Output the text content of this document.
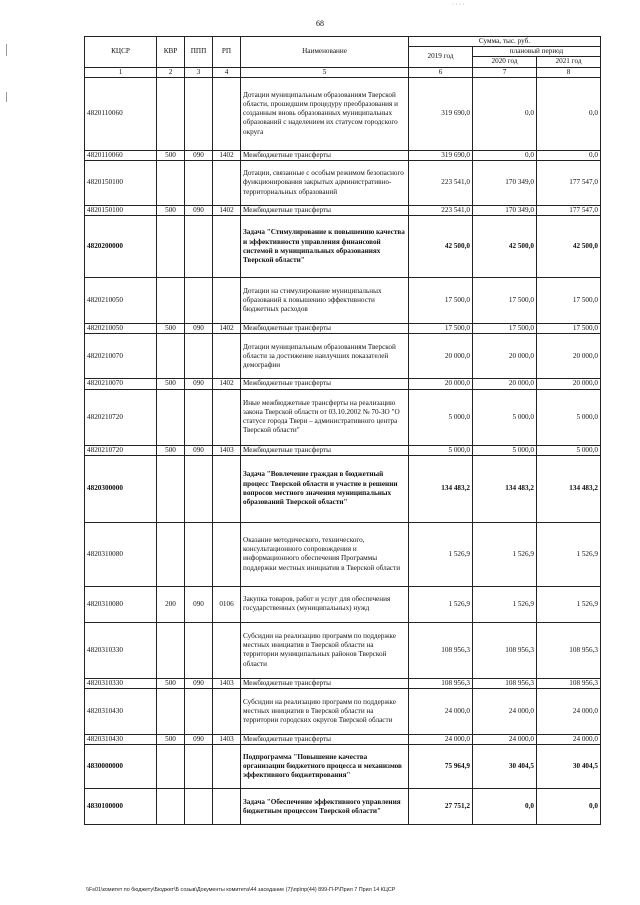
68
· · · ·
КЦСР	КВР	ППП	РП	Наименование	Сумма, тыс. руб.		
					2019 год	плановый период	
						2020 год	2021 год
1	2	3	4	5	6	7	8
4820110060				Дотации муниципальным образованиям Тверской области, прошедшим процедуру преобразования и созданным вновь образованных муниципальных образований с наделением их статусом городского округа	319 690,0	0,0	0,0
4820110060	500	090	1402	Межбюджетные трансферты	319 690,0	0,0	0,0
4820150100				Дотации, связанные с особым режимом безопасного функционирования закрытых административно-территориальных образований	223 541,0	170 349,0	177 547,0
4820150100	500	090	1402	Межбюджетные трансферты	223 541,0	170 349,0	177 547,0
4820200000				Задача "Стимулирование к повышению качества и эффективности управления финансовой системой в муниципальных образованиях Тверской области"	42 500,0	42 500,0	42 500,0
4820210050				Дотации на стимулирование муниципальных образований к повышению эффективности бюджетных расходов	17 500,0	17 500,0	17 500,0
4820210050	500	090	1402	Межбюджетные трансферты	17 500,0	17 500,0	17 500,0
4820210070				Дотации муниципальным образованиям Тверской области за достижение наилучших показателей демографии	20 000,0	20 000,0	20 000,0
4820210070	500	090	1402	Межбюджетные трансферты	20 000,0	20 000,0	20 000,0
4820210720				Иные межбюджетные трансферты на реализацию закона Тверской области от 03.10.2002 № 70-ЗО "О статусе города Твери – административного центра Тверской области"	5 000,0	5 000,0	5 000,0
4820210720	500	090	1403	Межбюджетные трансферты	5 000,0	5 000,0	5 000,0
4820300000				Задача "Вовлечение граждан в бюджетный процесс Тверской области и участие в решении вопросов местного значения муниципальных образований Тверской области"	134 483,2	134 483,2	134 483,2
4820310080				Оказание методического, технического, консультационного сопровождения и информационного обеспечения Программы поддержки местных инициатив в Тверской области	1 526,9	1 526,9	1 526,9
4820310080	200	090	0106	Закупка товаров, работ и услуг для обеспечения государственных (муниципальных) нужд	1 526,9	1 526,9	1 526,9
4820310330				Субсидии на реализацию программ по поддержке местных инициатив в Тверской области на территории муниципальных районов Тверской области	108 956,3	108 956,3	108 956,3
4820310330	500	090	1403	Межбюджетные трансферты	108 956,3	108 956,3	108 956,3
4820310430				Субсидии на реализацию программ по поддержке местных инициатив в Тверской области на территории городских округов Тверской области	24 000,0	24 000,0	24 000,0
4820310430	500	090	1403	Межбюджетные трансферты	24 000,0	24 000,0	24 000,0
4830000000				Подпрограмма "Повышение качества организации бюджетного процесса и механизмов эффективного бюджетирования"	75 964,9	30 404,5	30 404,5
4830100000				Задача "Обеспечение эффективного управления бюджетным процессом Тверской области"	27 751,2	0,0	0,0
\\Fs01\комитет по бюджету\Бюджет\Б созыв\Документы комитета\44 заседание (7)\пр\пр(44) 899-П-Р\Прил 7 Прил 14 КЦСР
